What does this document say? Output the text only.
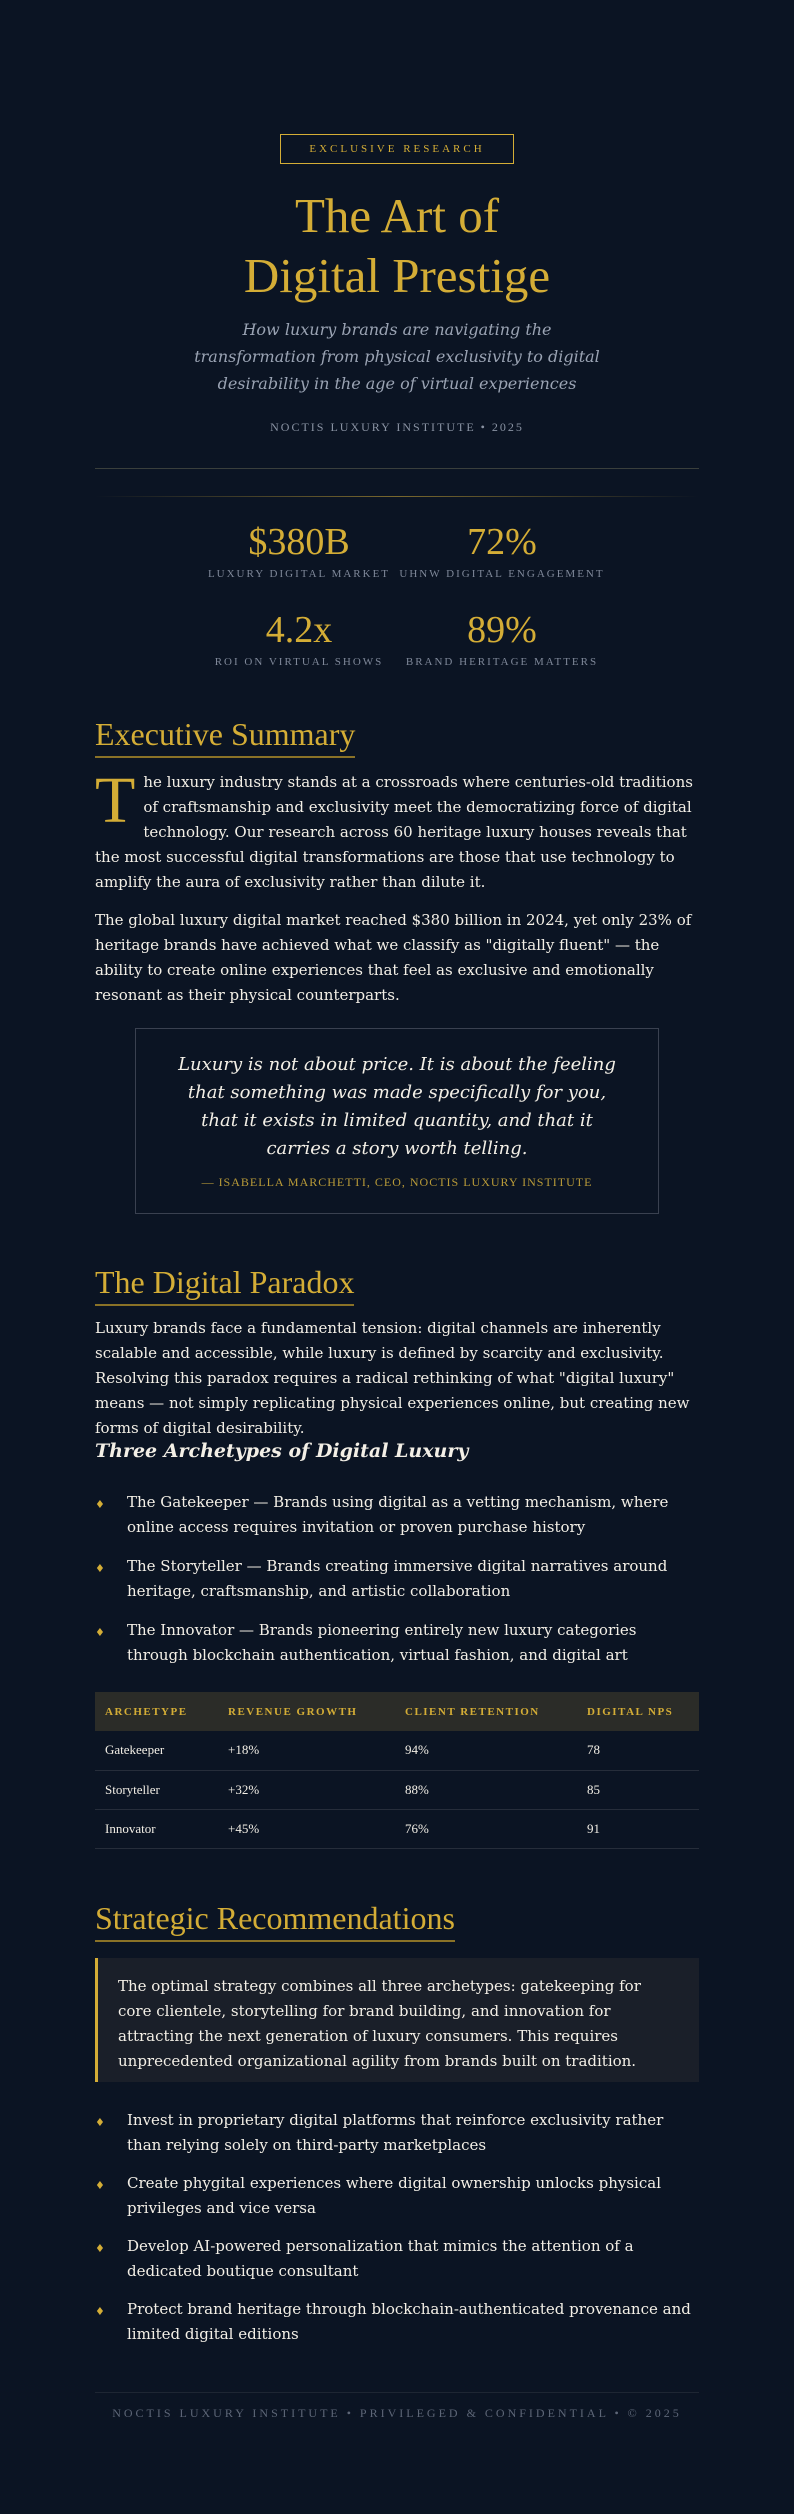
EXCLUSIVE RESEARCH
The Art of
Digital Prestige

How luxury brands are navigating the transformation from physical exclusivity to digital desirability in the age of virtual experiences

NOCTIS LUXURY INSTITUTE • 2025
$380B
LUXURY DIGITAL MARKET
72%
UHNW DIGITAL ENGAGEMENT
4.2x
ROI ON VIRTUAL SHOWS
89%
BRAND HERITAGE MATTERS
Executive Summary
T he luxury industry stands at a crossroads where centuries-old traditions of craftsmanship and exclusivity meet the democratizing force of digital technology. Our research across 60 heritage luxury houses reveals that the most successful digital transformations are those that use technology to amplify the aura of exclusivity rather than dilute it.

The global luxury digital market reached $380 billion in 2024, yet only 23% of heritage brands have achieved what we classify as "digitally fluent" — the ability to create online experiences that feel as exclusive and emotionally resonant as their physical counterparts.

Luxury is not about price. It is about the feeling that something was made specifically for you, that it exists in limited quantity, and that it carries a story worth telling.

— ISABELLA MARCHETTI, CEO, NOCTIS LUXURY INSTITUTE

The Digital Paradox

Luxury brands face a fundamental tension: digital channels are inherently scalable and accessible, while luxury is defined by scarcity and exclusivity. Resolving this paradox requires a radical rethinking of what "digital luxury" means — not simply replicating physical experiences online, but creating new forms of digital desirability.

Three Archetypes of Digital Luxury
♦ The Gatekeeper — Brands using digital as a vetting mechanism, where online access requires invitation or proven purchase history
♦ The Storyteller — Brands creating immersive digital narratives around heritage, craftsmanship, and artistic collaboration
♦ The Innovator — Brands pioneering entirely new luxury categories through blockchain authentication, virtual fashion, and digital art
ARCHETYPE	REVENUE GROWTH	CLIENT RETENTION	DIGITAL NPS
Gatekeeper	+18%	94%	78
Storyteller	+32%	88%	85
Innovator	+45%	76%	91
Strategic Recommendations
The optimal strategy combines all three archetypes: gatekeeping for core clientele, storytelling for brand building, and innovation for attracting the next generation of luxury consumers. This requires unprecedented organizational agility from brands built on tradition.
♦ Invest in proprietary digital platforms that reinforce exclusivity rather than relying solely on third-party marketplaces
♦ Create phygital experiences where digital ownership unlocks physical privileges and vice versa
♦ Develop AI-powered personalization that mimics the attention of a dedicated boutique consultant
♦ Protect brand heritage through blockchain-authenticated provenance and limited digital editions
NOCTIS LUXURY INSTITUTE • PRIVILEGED & CONFIDENTIAL • © 2025
